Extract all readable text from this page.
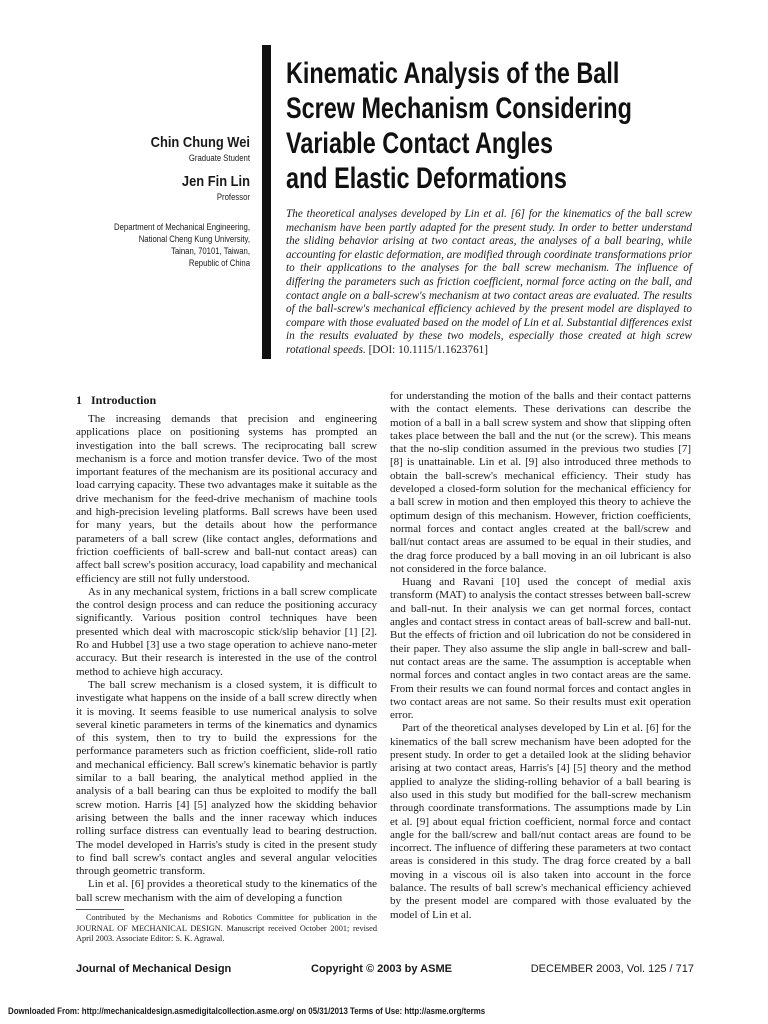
Chin Chung Wei
Graduate Student
Jen Fin Lin
Professor
Department of Mechanical Engineering,
National Cheng Kung University,
Tainan, 70101, Taiwan,
Republic of China
Kinematic Analysis of the Ball
Screw Mechanism Considering
Variable Contact Angles
and Elastic Deformations
The theoretical analyses developed by Lin et al. [6] for the kinematics of the ball screw mechanism have been partly adapted for the present study. In order to better understand the sliding behavior arising at two contact areas, the analyses of a ball bearing, while accounting for elastic deformation, are modified through coordinate transformations prior to their applications to the analyses for the ball screw mechanism. The influence of differing the parameters such as friction coefficient, normal force acting on the ball, and contact angle on a ball-screw's mechanism at two contact areas are evaluated. The results of the ball-screw's mechanical efficiency achieved by the present model are displayed to compare with those evaluated based on the model of Lin et al. Substantial differences exist in the results evaluated by these two models, especially those created at high screw rotational speeds. [DOI: 10.1115/1.1623761]
1 Introduction

The increasing demands that precision and engineering applications place on positioning systems has prompted an investigation into the ball screws. The reciprocating ball screw mechanism is a force and motion transfer device. Two of the most important features of the mechanism are its positional accuracy and load carrying capacity. These two advantages make it suitable as the drive mechanism for the feed-drive mechanism of machine tools and high-precision leveling platforms. Ball screws have been used for many years, but the details about how the performance parameters of a ball screw (like contact angles, deformations and friction coefficients of ball-screw and ball-nut contact areas) can affect ball screw's position accuracy, load capability and mechanical efficiency are still not fully understood.

As in any mechanical system, frictions in a ball screw complicate the control design process and can reduce the positioning accuracy significantly. Various position control techniques have been presented which deal with macroscopic stick/slip behavior [1] [2]. Ro and Hubbel [3] use a two stage operation to achieve nano-meter accuracy. But their research is interested in the use of the control method to achieve high accuracy.

The ball screw mechanism is a closed system, it is difficult to investigate what happens on the inside of a ball screw directly when it is moving. It seems feasible to use numerical analysis to solve several kinetic parameters in terms of the kinematics and dynamics of this system, then to try to build the expressions for the performance parameters such as friction coefficient, slide-roll ratio and mechanical efficiency. Ball screw's kinematic behavior is partly similar to a ball bearing, the analytical method applied in the analysis of a ball bearing can thus be exploited to modify the ball screw motion. Harris [4] [5] analyzed how the skidding behavior arising between the balls and the inner raceway which induces rolling surface distress can eventually lead to bearing destruction. The model developed in Harris's study is cited in the present study to find ball screw's contact angles and several angular velocities through geometric transform.

Lin et al. [6] provides a theoretical study to the kinematics of the ball screw mechanism with the aim of developing a function

for understanding the motion of the balls and their contact patterns with the contact elements. These derivations can describe the motion of a ball in a ball screw system and show that slipping often takes place between the ball and the nut (or the screw). This means that the no-slip condition assumed in the previous two studies [7] [8] is unattainable. Lin et al. [9] also introduced three methods to obtain the ball-screw's mechanical efficiency. Their study has developed a closed-form solution for the mechanical efficiency for a ball screw in motion and then employed this theory to achieve the optimum design of this mechanism. However, friction coefficients, normal forces and contact angles created at the ball/screw and ball/nut contact areas are assumed to be equal in their studies, and the drag force produced by a ball moving in an oil lubricant is also not considered in the force balance.

Huang and Ravani [10] used the concept of medial axis transform (MAT) to analysis the contact stresses between ball-screw and ball-nut. In their analysis we can get normal forces, contact angles and contact stress in contact areas of ball-screw and ball-nut. But the effects of friction and oil lubrication do not be considered in their paper. They also assume the slip angle in ball-screw and ball-nut contact areas are the same. The assumption is acceptable when normal forces and contact angles in two contact areas are the same. From their results we can found normal forces and contact angles in two contact areas are not same. So their results must exit operation error.

Part of the theoretical analyses developed by Lin et al. [6] for the kinematics of the ball screw mechanism have been adopted for the present study. In order to get a detailed look at the sliding behavior arising at two contact areas, Harris's [4] [5] theory and the method applied to analyze the sliding-rolling behavior of a ball bearing is also used in this study but modified for the ball-screw mechanism through coordinate transformations. The assumptions made by Lin et al. [9] about equal friction coefficient, normal force and contact angle for the ball/screw and ball/nut contact areas are found to be incorrect. The influence of differing these parameters at two contact areas is considered in this study. The drag force created by a ball moving in a viscous oil is also taken into account in the force balance. The results of ball screw's mechanical efficiency achieved by the present model are compared with those evaluated by the model of Lin et al.

Contributed by the Mechanisms and Robotics Committee for publication in the JOURNAL OF MECHANICAL DESIGN. Manuscript received October 2001; revised April 2003. Associate Editor: S. K. Agrawal.
Journal of Mechanical Design	Copyright © 2003 by ASME	DECEMBER 2003, Vol. 125 / 717
Downloaded From: http://mechanicaldesign.asmedigitalcollection.asme.org/ on 05/31/2013 Terms of Use: http://asme.org/terms
